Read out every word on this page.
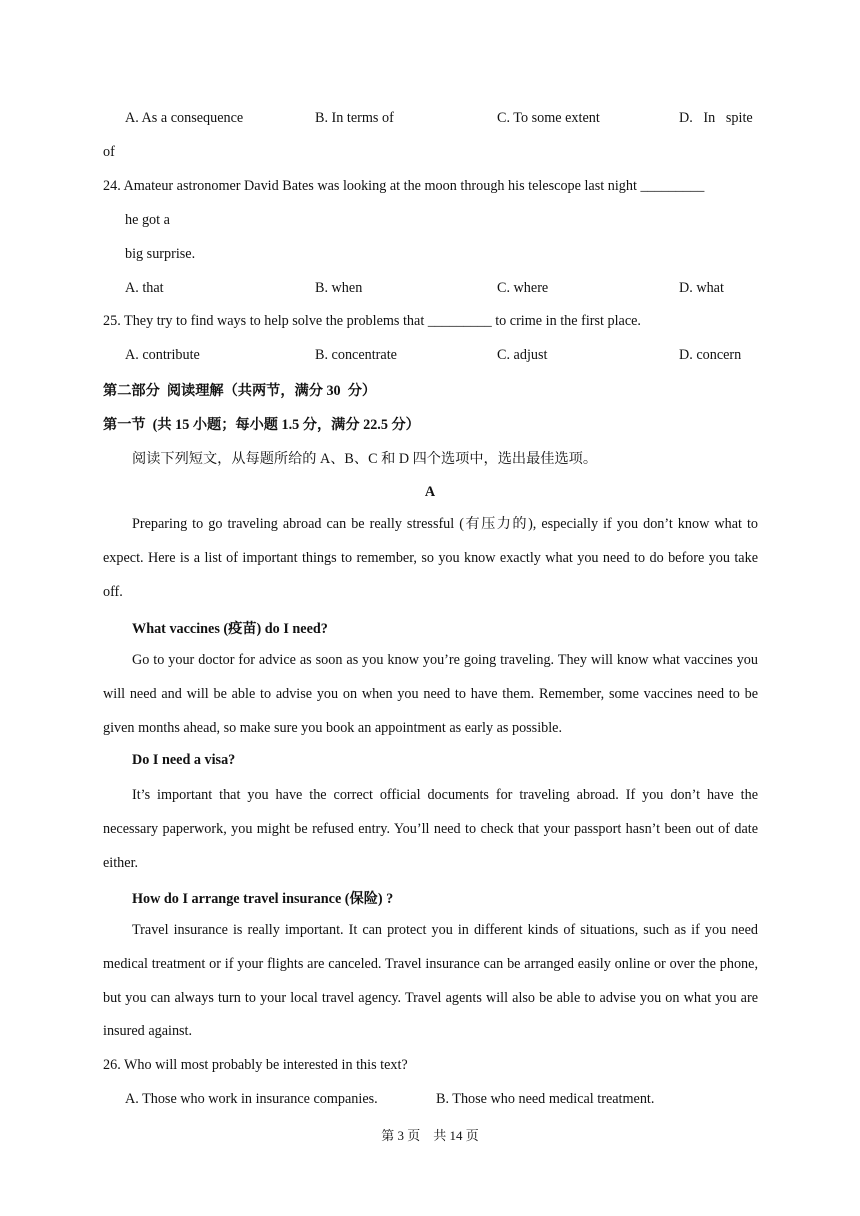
A. As a consequence	B. In terms of	C. To some extent	D.   In   spite
of
24. Amateur astronomer David Bates was looking at the moon through his telescope last night _________
he got a
big surprise.
A. that	B. when	C. where	D. what
25. They try to find ways to help solve the problems that _________ to crime in the first place.
A. contribute	B. concentrate	C. adjust	D. concern
第二部分  阅读理解（共两节，满分 30  分）
第一节  (共 15 小题；每小题 1.5 分，满分 22.5 分）
阅读下列短文，从每题所给的 A、B、C 和 D 四个选项中，选出最佳选项。
A
Preparing to go traveling abroad can be really stressful (有压力的), especially if you don’t know what to expect. Here is a list of important things to remember, so you know exactly what you need to do before you take off.
What vaccines (疫苗) do I need?
Go to your doctor for advice as soon as you know you’re going traveling. They will know what vaccines you will need and will be able to advise you on when you need to have them. Remember, some vaccines need to be given months ahead, so make sure you book an appointment as early as possible.
Do I need a visa?
It’s important that you have the correct official documents for traveling abroad. If you don’t have the necessary paperwork, you might be refused entry. You’ll need to check that your passport hasn’t been out of date either.
How do I arrange travel insurance (保险) ?
Travel insurance is really important. It can protect you in different kinds of situations, such as if you need medical treatment or if your flights are canceled. Travel insurance can be arranged easily online or over the phone, but you can always turn to your local travel agency. Travel agents will also be able to advise you on what you are insured against.
26. Who will most probably be interested in this text?
A. Those who work in insurance companies.	B. Those who need medical treatment.
第 3 页    共 14 页
